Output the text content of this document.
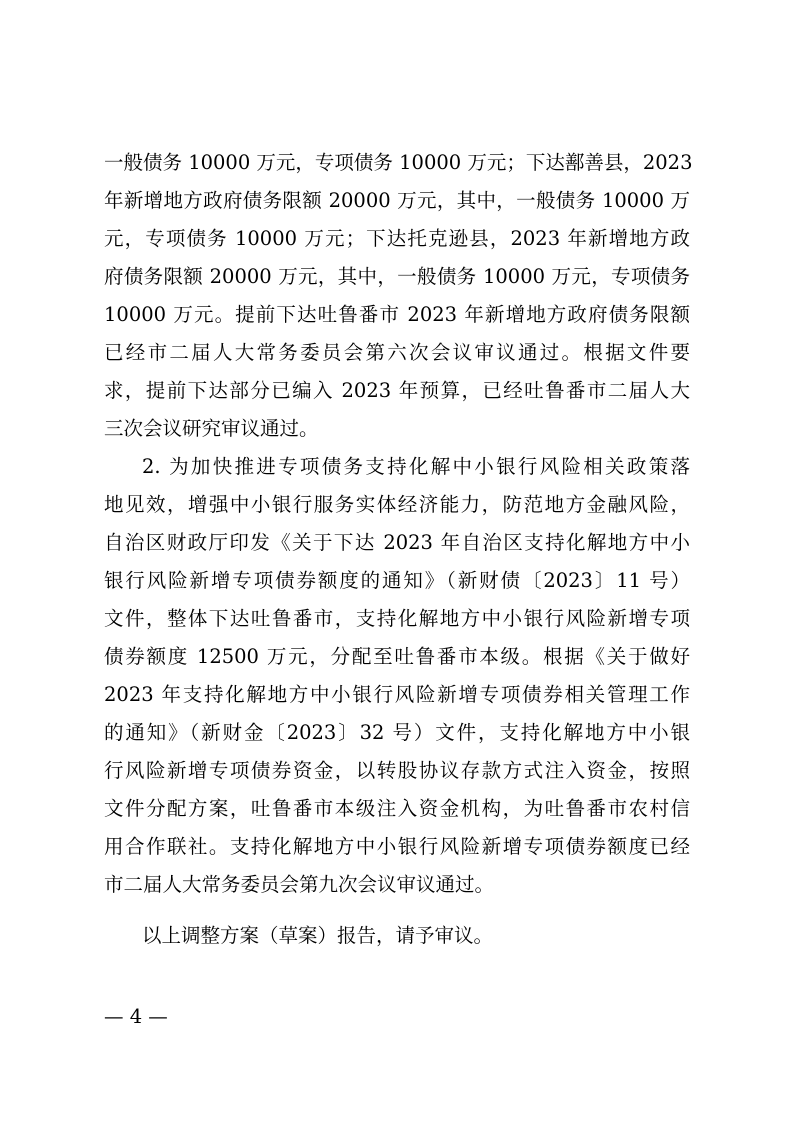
一般债务 10000 万元，专项债务 10000 万元；下达鄯善县，2023
年新增地方政府债务限额 20000 万元，其中，一般债务 10000 万
元，专项债务 10000 万元；下达托克逊县，2023 年新增地方政
府债务限额 20000 万元，其中，一般债务 10000 万元，专项债务
10000 万元。提前下达吐鲁番市 2023 年新增地方政府债务限额
已经市二届人大常务委员会第六次会议审议通过。根据文件要
求，提前下达部分已编入 2023 年预算，已经吐鲁番市二届人大
三次会议研究审议通过。
2. 为加快推进专项债务支持化解中小银行风险相关政策落
地见效，增强中小银行服务实体经济能力，防范地方金融风险，
自治区财政厅印发《关于下达 2023 年自治区支持化解地方中小
银行风险新增专项债券额度的通知》（新财债〔2023〕11 号）
文件，整体下达吐鲁番市，支持化解地方中小银行风险新增专项
债券额度 12500 万元，分配至吐鲁番市本级。根据《关于做好
2023 年支持化解地方中小银行风险新增专项债券相关管理工作
的通知》（新财金〔2023〕32 号）文件，支持化解地方中小银
行风险新增专项债券资金，以转股协议存款方式注入资金，按照
文件分配方案，吐鲁番市本级注入资金机构，为吐鲁番市农村信
用合作联社。支持化解地方中小银行风险新增专项债券额度已经
市二届人大常务委员会第九次会议审议通过。
以上调整方案（草案）报告，请予审议。
— 4 —
